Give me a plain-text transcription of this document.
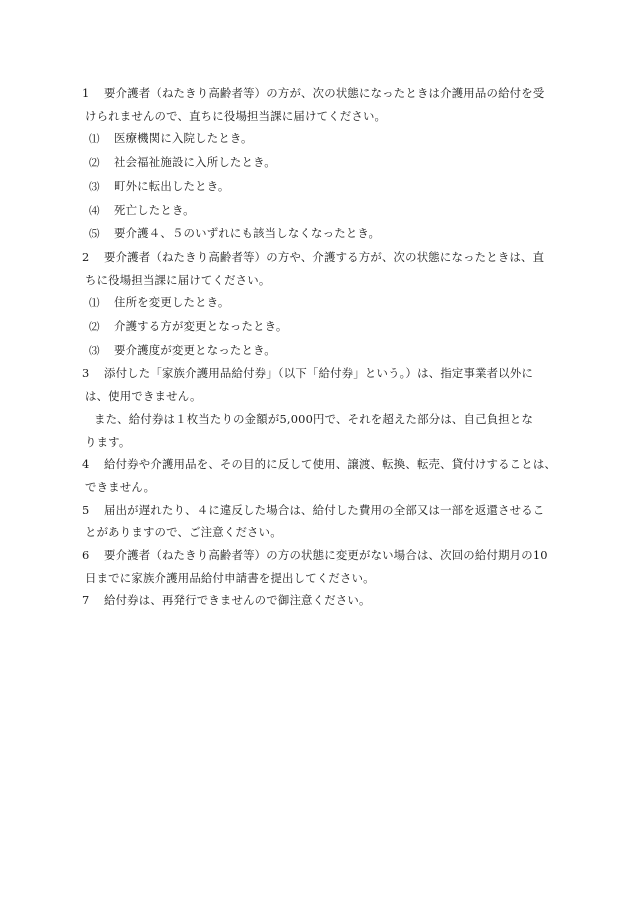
1 要介護者（ねたきり高齢者等）の方が、次の状態になったときは介護用品の給付を受
けられませんので、直ちに役場担当課に届けてください。
⑴ 医療機関に入院したとき。
⑵ 社会福祉施設に入所したとき。
⑶ 町外に転出したとき。
⑷ 死亡したとき。
⑸ 要介護４、５のいずれにも該当しなくなったとき。
2 要介護者（ねたきり高齢者等）の方や、介護する方が、次の状態になったときは、直
ちに役場担当課に届けてください。
⑴ 住所を変更したとき。
⑵ 介護する方が変更となったとき。
⑶ 要介護度が変更となったとき。
3 添付した「家族介護用品給付券」（以下「給付券」という。）は、指定事業者以外に
は、使用できません。
また、給付券は１枚当たりの金額が5,000円で、それを超えた部分は、自己負担とな
ります。
4 給付券や介護用品を、その目的に反して使用、譲渡、転換、転売、貸付けすることは、
できません。
5 届出が遅れたり、４に違反した場合は、給付した費用の全部又は一部を返還させるこ
とがありますので、ご注意ください。
6 要介護者（ねたきり高齢者等）の方の状態に変更がない場合は、次回の給付期月の10
日までに家族介護用品給付申請書を提出してください。
7 給付券は、再発行できませんので御注意ください。
